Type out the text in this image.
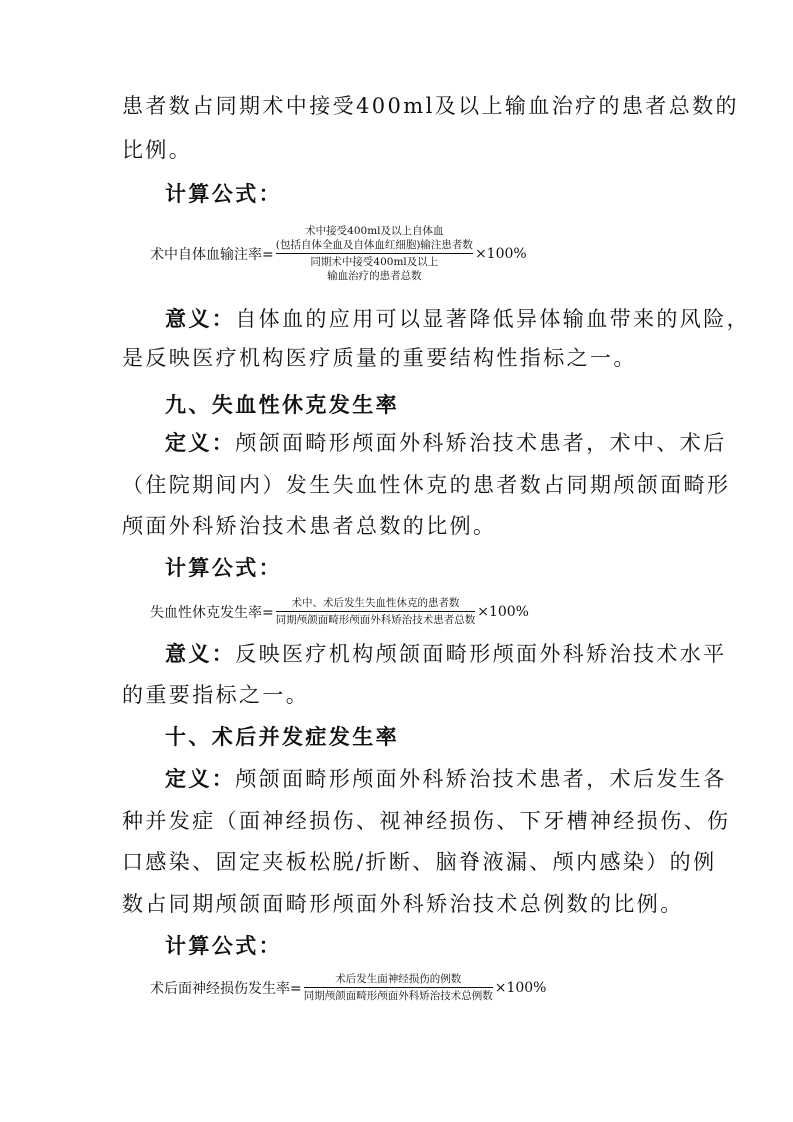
患者数占同期术中接受400ml及以上输血治疗的患者总数的
比例。
计算公式：
术中自体血输注率=
术中接受400ml及以上自体血
(包括自体全血及自体血红细胞)输注患者数
同期术中接受400ml及以上
输血治疗的患者总数
×100%
意义：自体血的应用可以显著降低异体输血带来的风险，
是反映医疗机构医疗质量的重要结构性指标之一。
九、失血性休克发生率
定义：颅颌面畸形颅面外科矫治技术患者，术中、术后
（住院期间内）发生失血性休克的患者数占同期颅颌面畸形
颅面外科矫治技术患者总数的比例。
计算公式：
失血性休克发生率= $\frac{\text{术中、术后发生失血性休克的患者数}}{\text{同期颅颌面畸形颅面外科矫治技术患者总数}} \times 100\%$
意义：反映医疗机构颅颌面畸形颅面外科矫治技术水平
的重要指标之一。
十、术后并发症发生率
定义：颅颌面畸形颅面外科矫治技术患者，术后发生各
种并发症（面神经损伤、视神经损伤、下牙槽神经损伤、伤
口感染、固定夹板松脱/折断、脑脊液漏、颅内感染）的例
数占同期颅颌面畸形颅面外科矫治技术总例数的比例。
计算公式：
术后面神经损伤发生率= $\frac{\text{术后发生面神经损伤的例数}}{\text{同期颅颌面畸形颅面外科矫治技术总例数}} \times 100\%$
